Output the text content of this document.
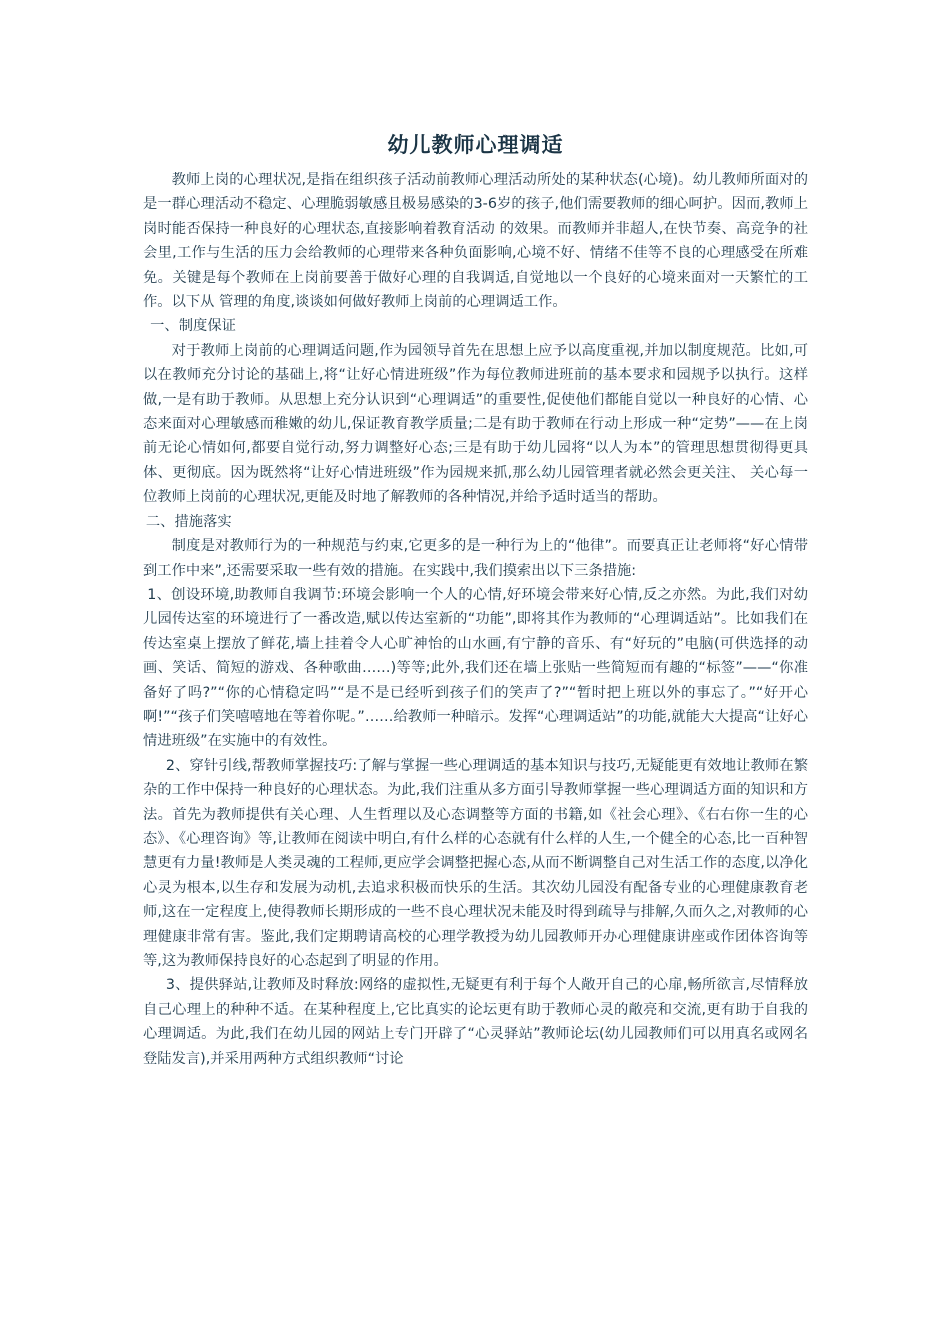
幼儿教师心理调适

教师上岗的心理状况,是指在组织孩子活动前教师心理活动所处的某种状态(心境)。幼儿教师所面对的是一群心理活动不稳定、心理脆弱敏感且极易感染的3-6岁的孩子,他们需要教师的细心呵护。因而,教师上岗时能否保持一种良好的心理状态,直接影响着教育活动 的效果。而教师并非超人,在快节奏、高竞争的社会里,工作与生活的压力会给教师的心理带来各种负面影响,心境不好、情绪不佳等不良的心理感受在所难免。关键是每个教师在上岗前要善于做好心理的自我调适,自觉地以一个良好的心境来面对一天繁忙的工作。以下从 管理的角度,谈谈如何做好教师上岗前的心理调适工作。

一、制度保证

对于教师上岗前的心理调适问题,作为园领导首先在思想上应予以高度重视,并加以制度规范。比如,可以在教师充分讨论的基础上,将“让好心情进班级”作为每位教师进班前的基本要求和园规予以执行。这样做,一是有助于教师。从思想上充分认识到“心理调适”的重要性,促使他们都能自觉以一种良好的心情、心态来面对心理敏感而稚嫩的幼儿,保证教育教学质量;二是有助于教师在行动上形成一种“定势”——在上岗前无论心情如何,都要自觉行动,努力调整好心态;三是有助于幼儿园将“以人为本”的管理思想贯彻得更具体、更彻底。因为既然将“让好心情进班级”作为园规来抓,那么幼儿园管理者就必然会更关注、 关心每一位教师上岗前的心理状况,更能及时地了解教师的各种情况,并给予适时适当的帮助。

二、措施落实

制度是对教师行为的一种规范与约束,它更多的是一种行为上的“他律”。而要真正让老师将“好心情带到工作中来”,还需要采取一些有效的措施。在实践中,我们摸索出以下三条措施:

1、创设环境,助教师自我调节:环境会影响一个人的心情,好环境会带来好心情,反之亦然。为此,我们对幼儿园传达室的环境进行了一番改造,赋以传达室新的“功能”,即将其作为教师的“心理调适站”。比如我们在传达室桌上摆放了鲜花,墙上挂着令人心旷神怡的山水画,有宁静的音乐、有“好玩的”电脑(可供选择的动画、笑话、简短的游戏、各种歌曲……)等等;此外,我们还在墙上张贴一些简短而有趣的“标签”——“你准备好了吗?”“你的心情稳定吗”“是不是已经听到孩子们的笑声了?”“暂时把上班以外的事忘了。”“好开心啊!”“孩子们笑嘻嘻地在等着你呢。”……给教师一种暗示。发挥“心理调适站”的功能,就能大大提高“让好心情进班级”在实施中的有效性。

2、穿针引线,帮教师掌握技巧:了解与掌握一些心理调适的基本知识与技巧,无疑能更有效地让教师在繁杂的工作中保持一种良好的心理状态。为此,我们注重从多方面引导教师掌握一些心理调适方面的知识和方法。首先为教师提供有关心理、人生哲理以及心态调整等方面的书籍,如《社会心理》、《右右你一生的心态》、《心理咨询》等,让教师在阅读中明白,有什么样的心态就有什么样的人生,一个健全的心态,比一百种智慧更有力量!教师是人类灵魂的工程师,更应学会调整把握心态,从而不断调整自己对生活工作的态度,以净化心灵为根本,以生存和发展为动机,去追求积极而快乐的生活。其次幼儿园没有配备专业的心理健康教育老师,这在一定程度上,使得教师长期形成的一些不良心理状况未能及时得到疏导与排解,久而久之,对教师的心理健康非常有害。鉴此,我们定期聘请高校的心理学教授为幼儿园教师开办心理健康讲座或作团体咨询等等,这为教师保持良好的心态起到了明显的作用。

3、提供驿站,让教师及时释放:网络的虚拟性,无疑更有利于每个人敞开自己的心扉,畅所欲言,尽情释放自己心理上的种种不适。在某种程度上,它比真实的论坛更有助于教师心灵的敞亮和交流,更有助于自我的心理调适。为此,我们在幼儿园的网站上专门开辟了“心灵驿站”教师论坛(幼儿园教师们可以用真名或网名登陆发言),并采用两种方式组织教师“讨论
